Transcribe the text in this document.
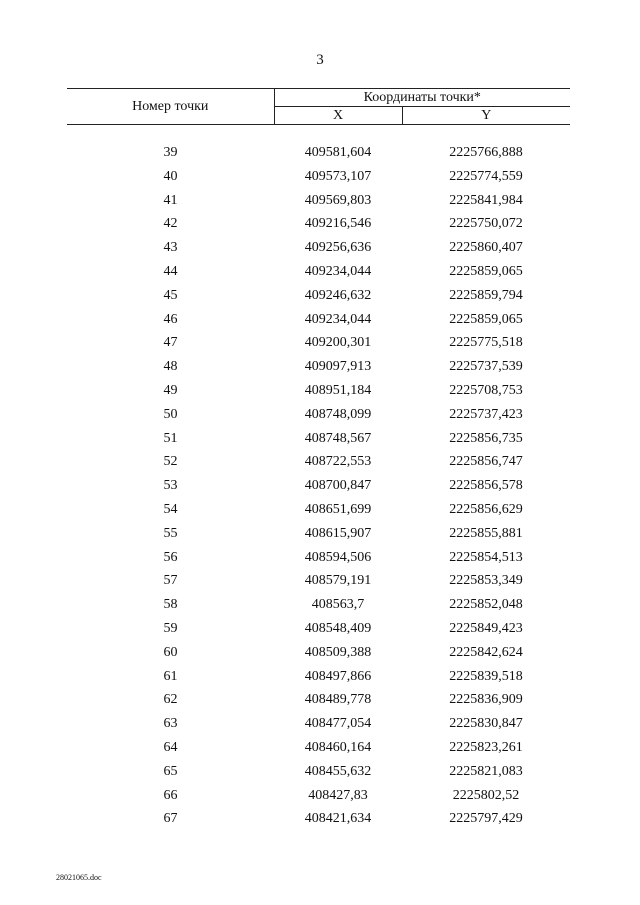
3
Номер точки	Координаты точки*	
	X	Y
39	409581,604	2225766,888
40	409573,107	2225774,559
41	409569,803	2225841,984
42	409216,546	2225750,072
43	409256,636	2225860,407
44	409234,044	2225859,065
45	409246,632	2225859,794
46	409234,044	2225859,065
47	409200,301	2225775,518
48	409097,913	2225737,539
49	408951,184	2225708,753
50	408748,099	2225737,423
51	408748,567	2225856,735
52	408722,553	2225856,747
53	408700,847	2225856,578
54	408651,699	2225856,629
55	408615,907	2225855,881
56	408594,506	2225854,513
57	408579,191	2225853,349
58	408563,7	2225852,048
59	408548,409	2225849,423
60	408509,388	2225842,624
61	408497,866	2225839,518
62	408489,778	2225836,909
63	408477,054	2225830,847
64	408460,164	2225823,261
65	408455,632	2225821,083
66	408427,83	2225802,52
67	408421,634	2225797,429
28021065.doc
